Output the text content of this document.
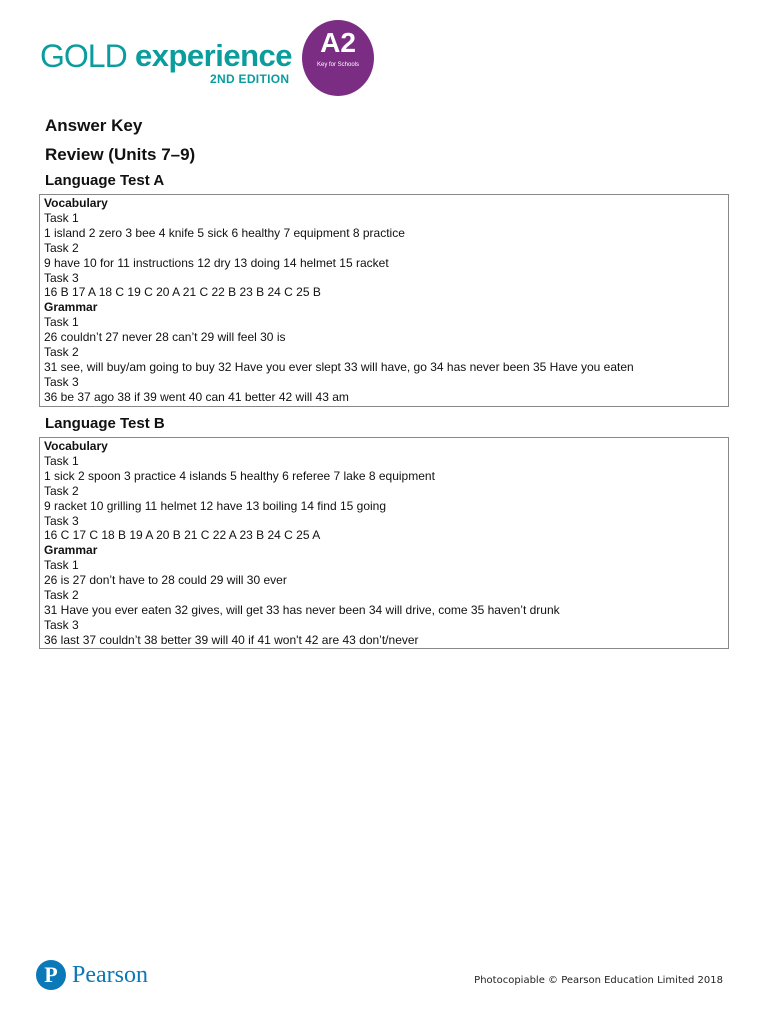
GOLD experience
2ND EDITION
A2
Key for Schools
Answer Key
Review (Units 7–9)
Language Test A
Vocabulary
Task 1
1 island 2 zero 3 bee 4 knife 5 sick 6 healthy 7 equipment 8 practice
Task 2
9 have 10 for 11 instructions 12 dry 13 doing 14 helmet 15 racket
Task 3
16 B 17 A 18 C 19 C 20 A 21 C 22 B 23 B 24 C 25 B
Grammar
Task 1
26 couldn’t 27 never 28 can’t 29 will feel 30 is
Task 2
31 see, will buy/am going to buy 32 Have you ever slept 33 will have, go 34 has never been 35 Have you eaten
Task 3
36 be 37 ago 38 if 39 went 40 can 41 better 42 will 43 am
Language Test B
Vocabulary
Task 1
1 sick 2 spoon 3 practice 4 islands 5 healthy 6 referee 7 lake 8 equipment
Task 2
9 racket 10 grilling 11 helmet 12 have 13 boiling 14 find 15 going
Task 3
16 C 17 C 18 B 19 A 20 B 21 C 22 A 23 B 24 C 25 A
Grammar
Task 1
26 is 27 don’t have to 28 could 29 will 30 ever
Task 2
31 Have you ever eaten 32 gives, will get 33 has never been 34 will drive, come 35 haven’t drunk
Task 3
36 last 37 couldn’t 38 better 39 will 40 if 41 won't 42 are 43 don’t/never
P Pearson	Photocopiable © Pearson Education Limited 2018
